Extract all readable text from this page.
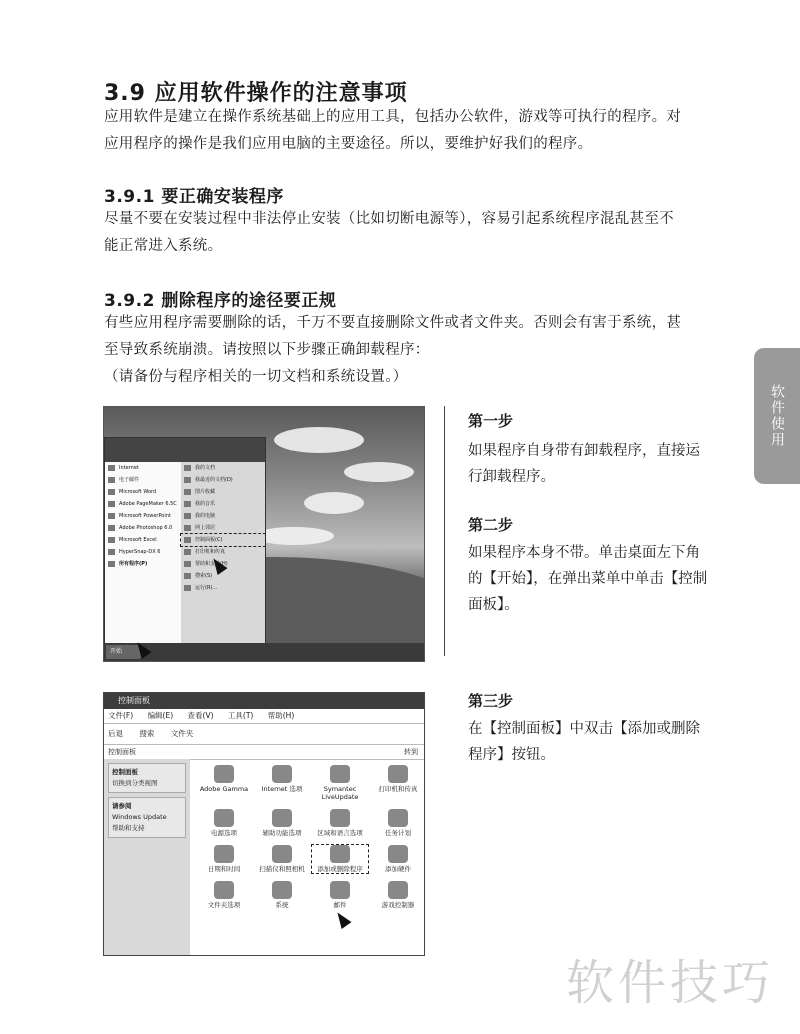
3.9 应用软件操作的注意事项
应用软件是建立在操作系统基础上的应用工具，包括办公软件，游戏等可执行的程序。对
应用程序的操作是我们应用电脑的主要途径。所以，要维护好我们的程序。
3.9.1 要正确安装程序
尽量不要在安装过程中非法停止安装（比如切断电源等），容易引起系统程序混乱甚至不
能正常进入系统。
3.9.2 删除程序的途径要正规
有些应用程序需要删除的话，千万不要直接删除文件或者文件夹。否则会有害于系统，甚
至导致系统崩溃。请按照以下步骤正确卸载程序：
（请备份与程序相关的一切文档和系统设置。）
软件使用
Internet
电子邮件
Microsoft Word
Adobe PageMaker 6.5C
Microsoft PowerPoint
Adobe Photoshop 6.0
Microsoft Excel
HyperSnap-DX 6
所有程序(P)
我的文档
我最近的文档(D)
图片收藏
我的音乐
我的电脑
网上邻居
控制面板(C)
打印机和传真
帮助和支持(H)
搜索(S)
运行(R)...
开始
第一步
如果程序自身带有卸载程序，直接运
行卸载程序。
第二步
如果程序本身不带。单击桌面左下角
的【开始】，在弹出菜单中单击【控制
面板】。
第三步
在【控制面板】中双击【添加或删除
程序】按钮。
控制面板
文件(F) 编辑(E) 查看(V) 工具(T) 帮助(H)
后退 搜索 文件夹
控制面板	转到
控制面板
切换到分类视图
请参阅
Windows Update
帮助和支持
Adobe Gamma	Internet 选项	Symantec LiveUpdate
打印机和传真
电源选项	辅助功能选项	区域和语言选项	任务计划
日期和时间	扫描仪和照相机	添加或删除程序	添加硬件
文件夹选项	系统	邮件	游戏控制器
软件技巧
